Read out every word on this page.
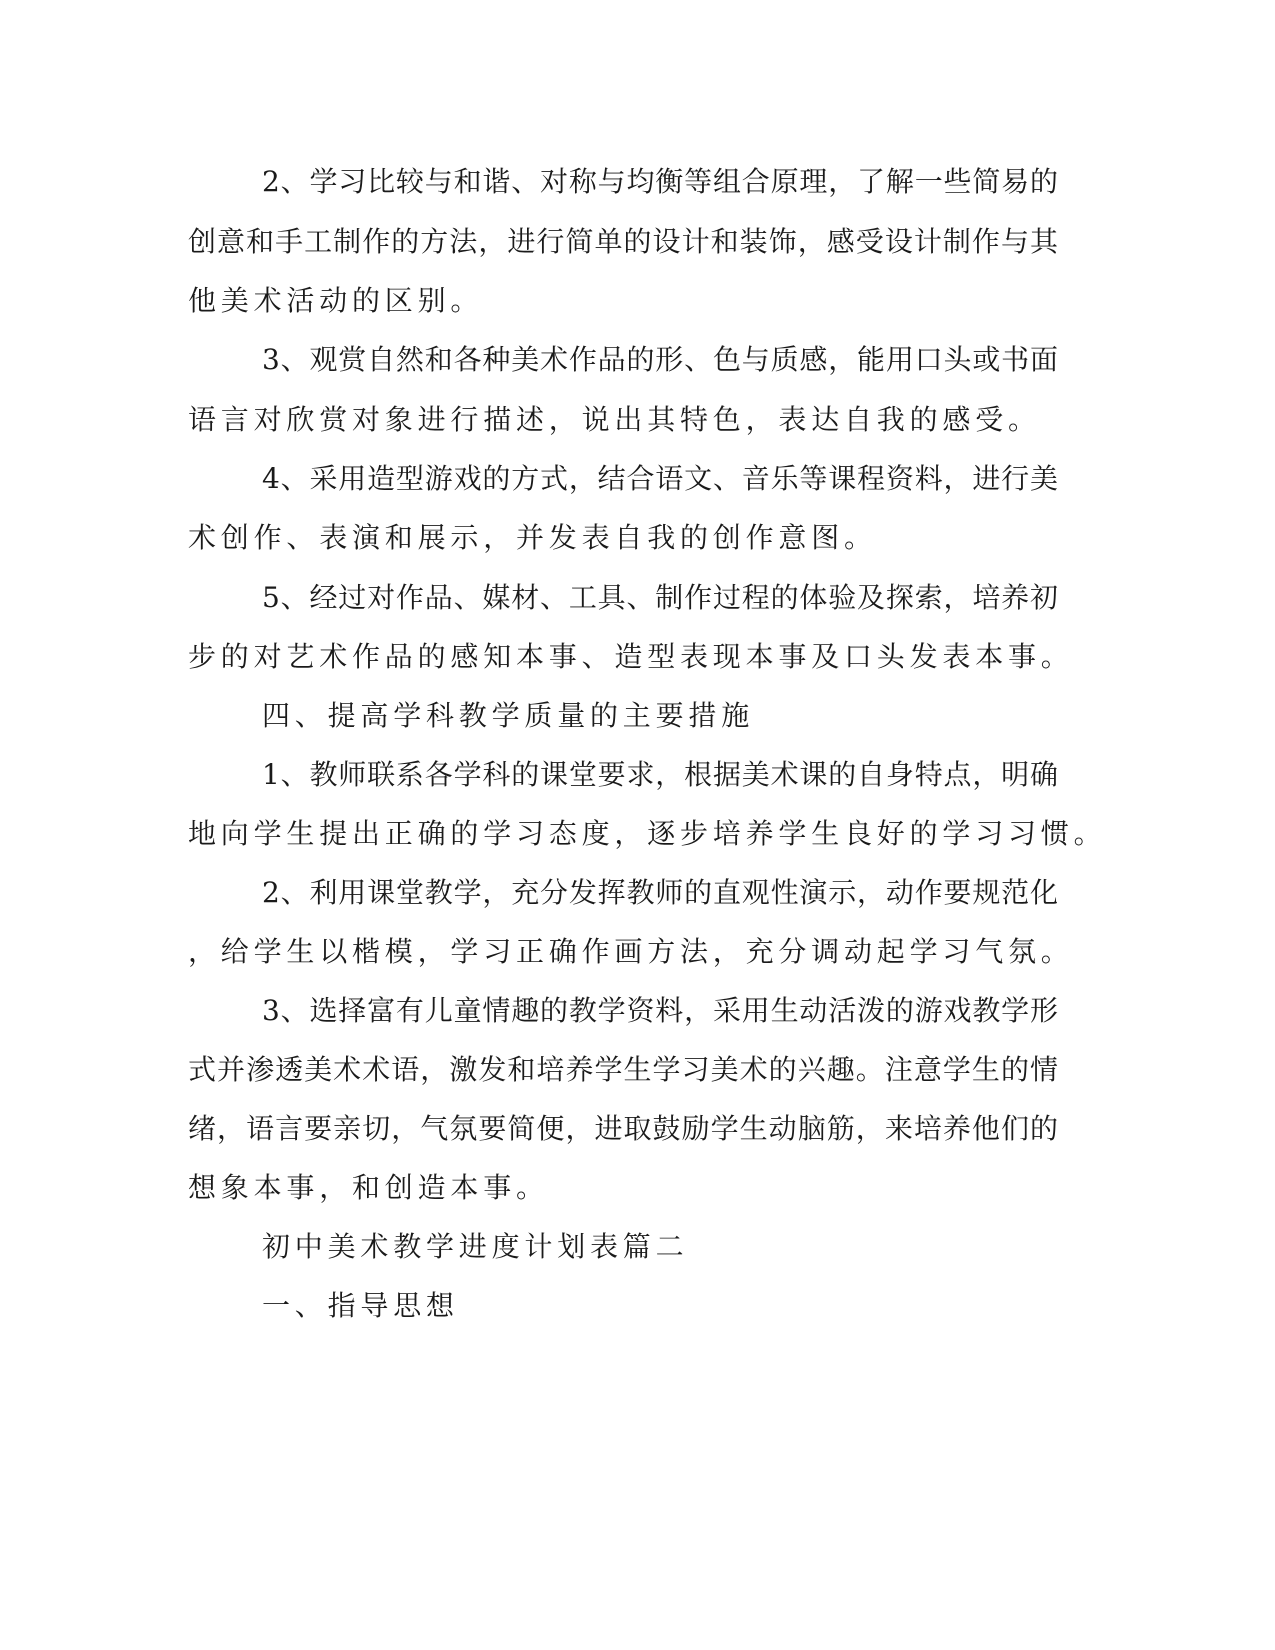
2、学习比较与和谐、对称与均衡等组合原理，了解一些简易的
创意和手工制作的方法，进行简单的设计和装饰，感受设计制作与其
他美术活动的区别。
3、观赏自然和各种美术作品的形、色与质感，能用口头或书面
语言对欣赏对象进行描述，说出其特色，表达自我的感受。
4、采用造型游戏的方式，结合语文、音乐等课程资料，进行美
术创作、表演和展示，并发表自我的创作意图。
5、经过对作品、媒材、工具、制作过程的体验及探索，培养初
步的对艺术作品的感知本事、造型表现本事及口头发表本事。
四、提高学科教学质量的主要措施
1、教师联系各学科的课堂要求，根据美术课的自身特点，明确
地向学生提出正确的学习态度，逐步培养学生良好的学习习惯。
2、利用课堂教学，充分发挥教师的直观性演示，动作要规范化
，给学生以楷模，学习正确作画方法，充分调动起学习气氛。
3、选择富有儿童情趣的教学资料，采用生动活泼的游戏教学形
式并渗透美术术语，激发和培养学生学习美术的兴趣。注意学生的情
绪，语言要亲切，气氛要简便，进取鼓励学生动脑筋，来培养他们的
想象本事，和创造本事。
初中美术教学进度计划表篇二
一、指导思想
